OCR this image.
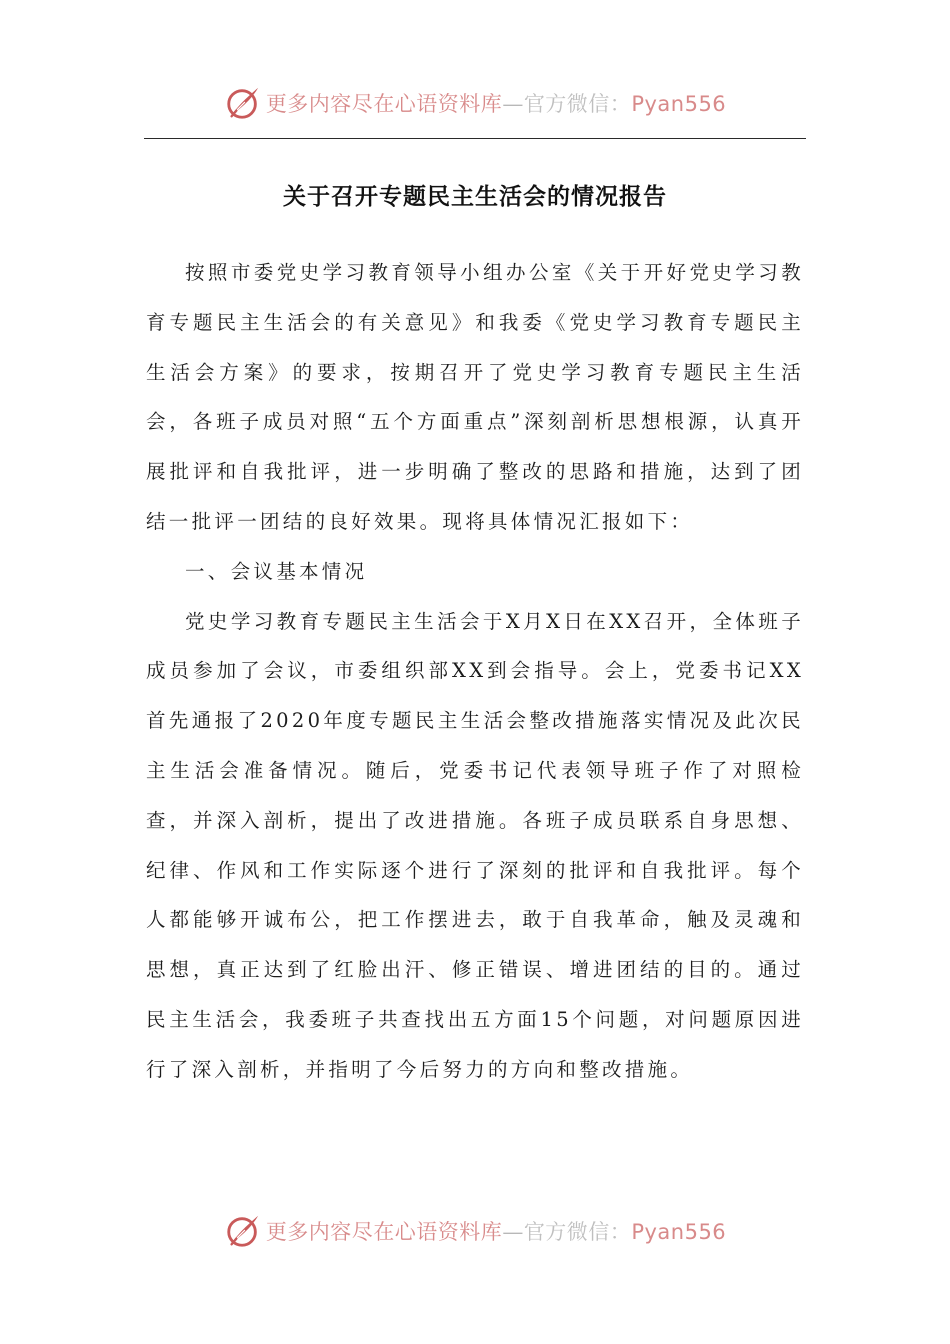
更多内容尽在心语资料库—官方微信：Pyan556
关于召开专题民主生活会的情况报告

按照市委党史学习教育领导小组办公室《关于开好党史学习教育专题民主生活会的有关意见》和我委《党史学习教育专题民主生活会方案》的要求，按期召开了党史学习教育专题民主生活会，各班子成员对照“五个方面重点”深刻剖析思想根源，认真开展批评和自我批评，进一步明确了整改的思路和措施，达到了团结一批评一团结的良好效果。现将具体情况汇报如下：

一、会议基本情况

党史学习教育专题民主生活会于X月X日在XX召开，全体班子成员参加了会议，市委组织部XX到会指导。会上，党委书记XX首先通报了2020年度专题民主生活会整改措施落实情况及此次民主生活会准备情况。随后，党委书记代表领导班子作了对照检查，并深入剖析，提出了改进措施。各班子成员联系自身思想、纪律、作风和工作实际逐个进行了深刻的批评和自我批评。每个人都能够开诚布公，把工作摆进去，敢于自我革命，触及灵魂和思想，真正达到了红脸出汗、修正错误、增进团结的目的。通过民主生活会，我委班子共查找出五方面15个问题，对问题原因进行了深入剖析，并指明了今后努力的方向和整改措施。

更多内容尽在心语资料库—官方微信：Pyan556
